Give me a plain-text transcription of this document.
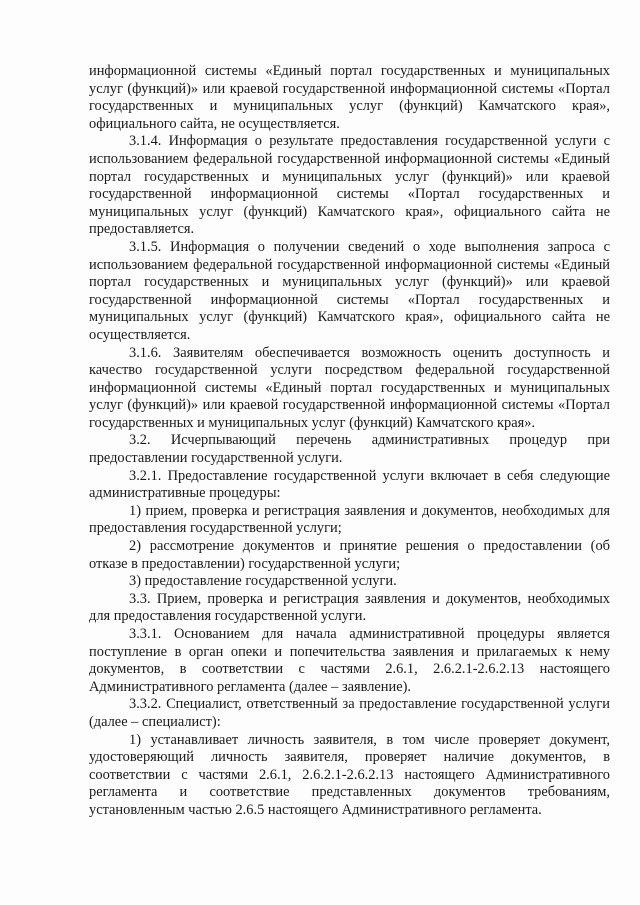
информационной системы «Единый портал государственных и муниципальных услуг (функций)» или краевой государственной информационной системы «Портал государственных и муниципальных услуг (функций) Камчатского края», официального сайта, не осуществляется.

3.1.4. Информация о результате предоставления государственной услуги с использованием федеральной государственной информационной системы «Единый портал государственных и муниципальных услуг (функций)» или краевой государственной информационной системы «Портал государственных и муниципальных услуг (функций) Камчатского края», официального сайта не предоставляется.

3.1.5. Информация о получении сведений о ходе выполнения запроса с использованием федеральной государственной информационной системы «Единый портал государственных и муниципальных услуг (функций)» или краевой государственной информационной системы «Портал государственных и муниципальных услуг (функций) Камчатского края», официального сайта не осуществляется.

3.1.6. Заявителям обеспечивается возможность оценить доступность и качество государственной услуги посредством федеральной государственной информационной системы «Единый портал государственных и муниципальных услуг (функций)» или краевой государственной информационной системы «Портал государственных и муниципальных услуг (функций) Камчатского края».

3.2. Исчерпывающий перечень административных процедур при предоставлении государственной услуги.

3.2.1. Предоставление государственной услуги включает в себя следующие административные процедуры:

1) прием, проверка и регистрация заявления и документов, необходимых для предоставления государственной услуги;

2) рассмотрение документов и принятие решения о предоставлении (об отказе в предоставлении) государственной услуги;

3) предоставление государственной услуги.

3.3. Прием, проверка и регистрация заявления и документов, необходимых для предоставления государственной услуги.

3.3.1. Основанием для начала административной процедуры является поступление в орган опеки и попечительства заявления и прилагаемых к нему документов, в соответствии с частями 2.6.1, 2.6.2.1-2.6.2.13 настоящего Административного регламента (далее – заявление).

3.3.2. Специалист, ответственный за предоставление государственной услуги (далее – специалист):

1) устанавливает личность заявителя, в том числе проверяет документ, удостоверяющий личность заявителя, проверяет наличие документов, в соответствии с частями 2.6.1, 2.6.2.1-2.6.2.13 настоящего Административного регламента и соответствие представленных документов требованиям, установленным частью 2.6.5 настоящего Административного регламента.
